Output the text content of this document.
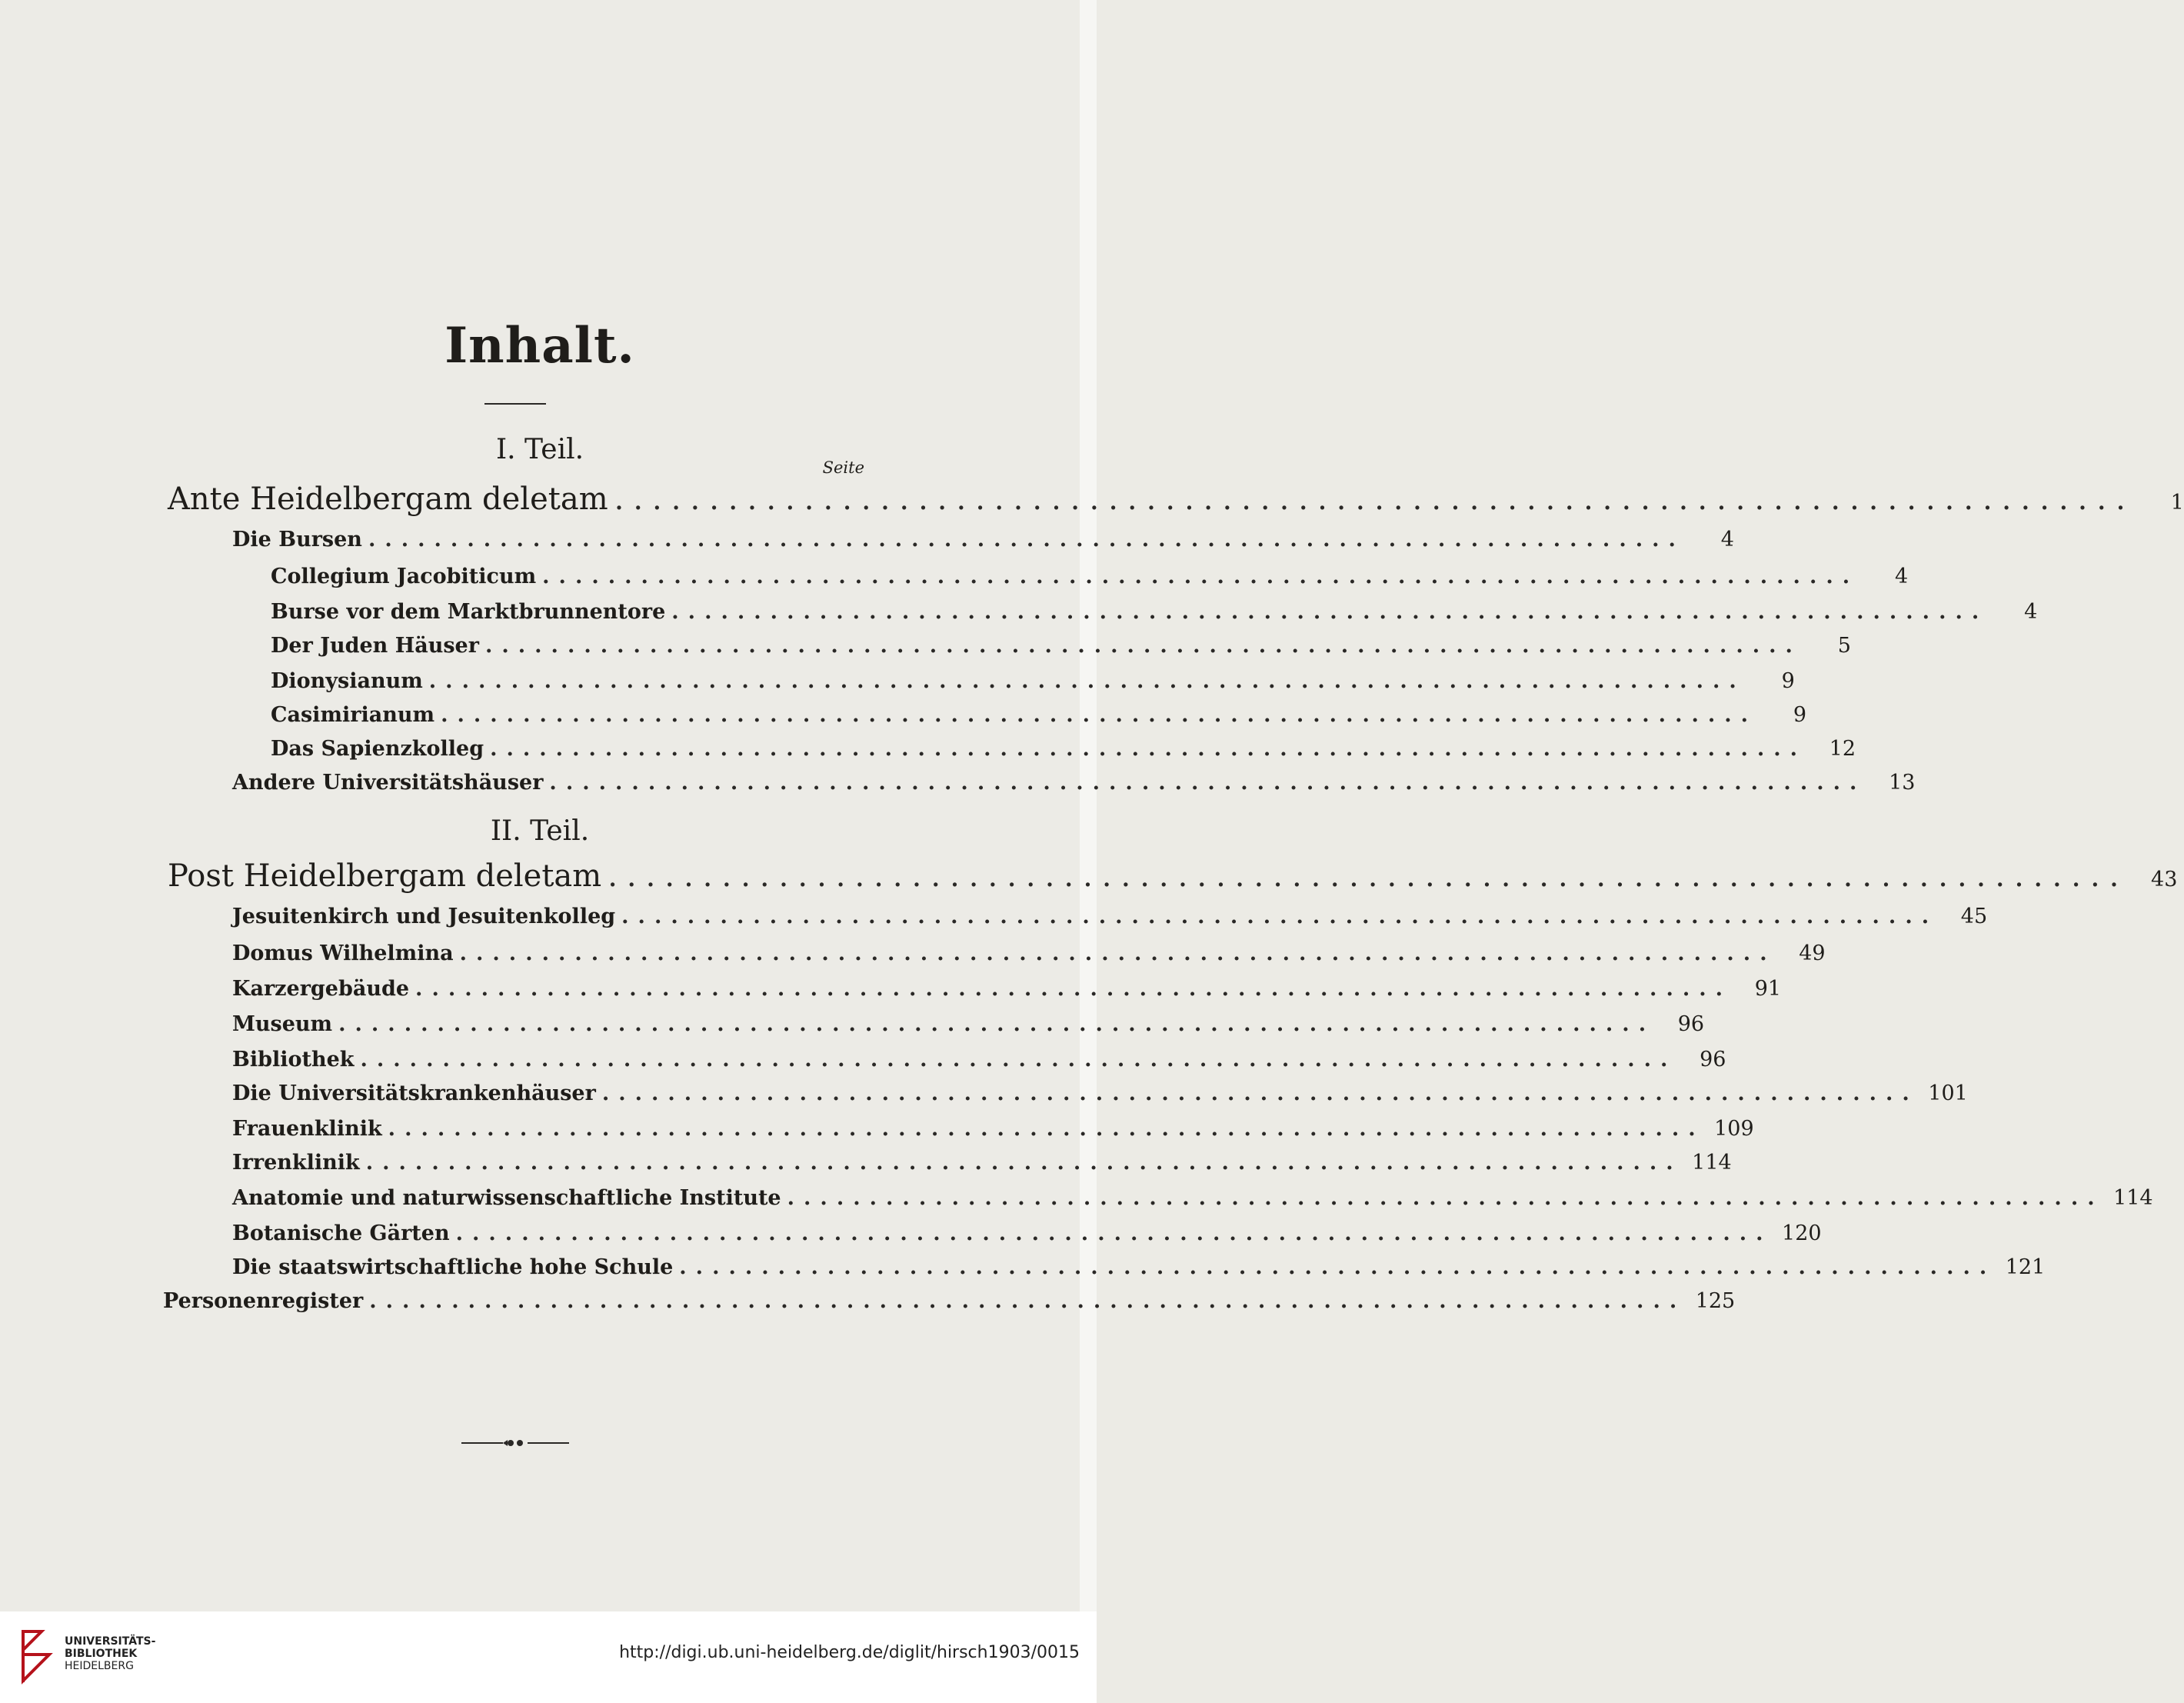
Inhalt.
I. Teil.
Seite
Ante Heidelbergam deletam ................................................................................	1
Die Bursen ................................................................................	4
Collegium Jacobiticum ................................................................................	4
Burse vor dem Marktbrunnentore ................................................................................	4
Der Juden Häuser ................................................................................	5
Dionysianum ................................................................................	9
Casimirianum ................................................................................	9
Das Sapienzkolleg ................................................................................	12
Andere Universitätshäuser ................................................................................	13
II. Teil.
Post Heidelbergam deletam ................................................................................	43
Jesuitenkirch und Jesuitenkolleg ................................................................................	45
Domus Wilhelmina ................................................................................	49
Karzergebäude ................................................................................	91
Museum ................................................................................	96
Bibliothek ................................................................................	96
Die Universitätskrankenhäuser ................................................................................ 101
Frauenklinik ................................................................................ 109
Irrenklinik ................................................................................ 114
Anatomie und naturwissenschaftliche Institute ................................................................................ 114
Botanische Gärten ................................................................................ 120
Die staatswirtschaftliche hohe Schule ................................................................................ 121
Personenregister ................................................................................ 125
UNIVERSITÄTS-
BIBLIOTHEK
HEIDELBERG
http://digi.ub.uni-heidelberg.de/diglit/hirsch1903/0015
